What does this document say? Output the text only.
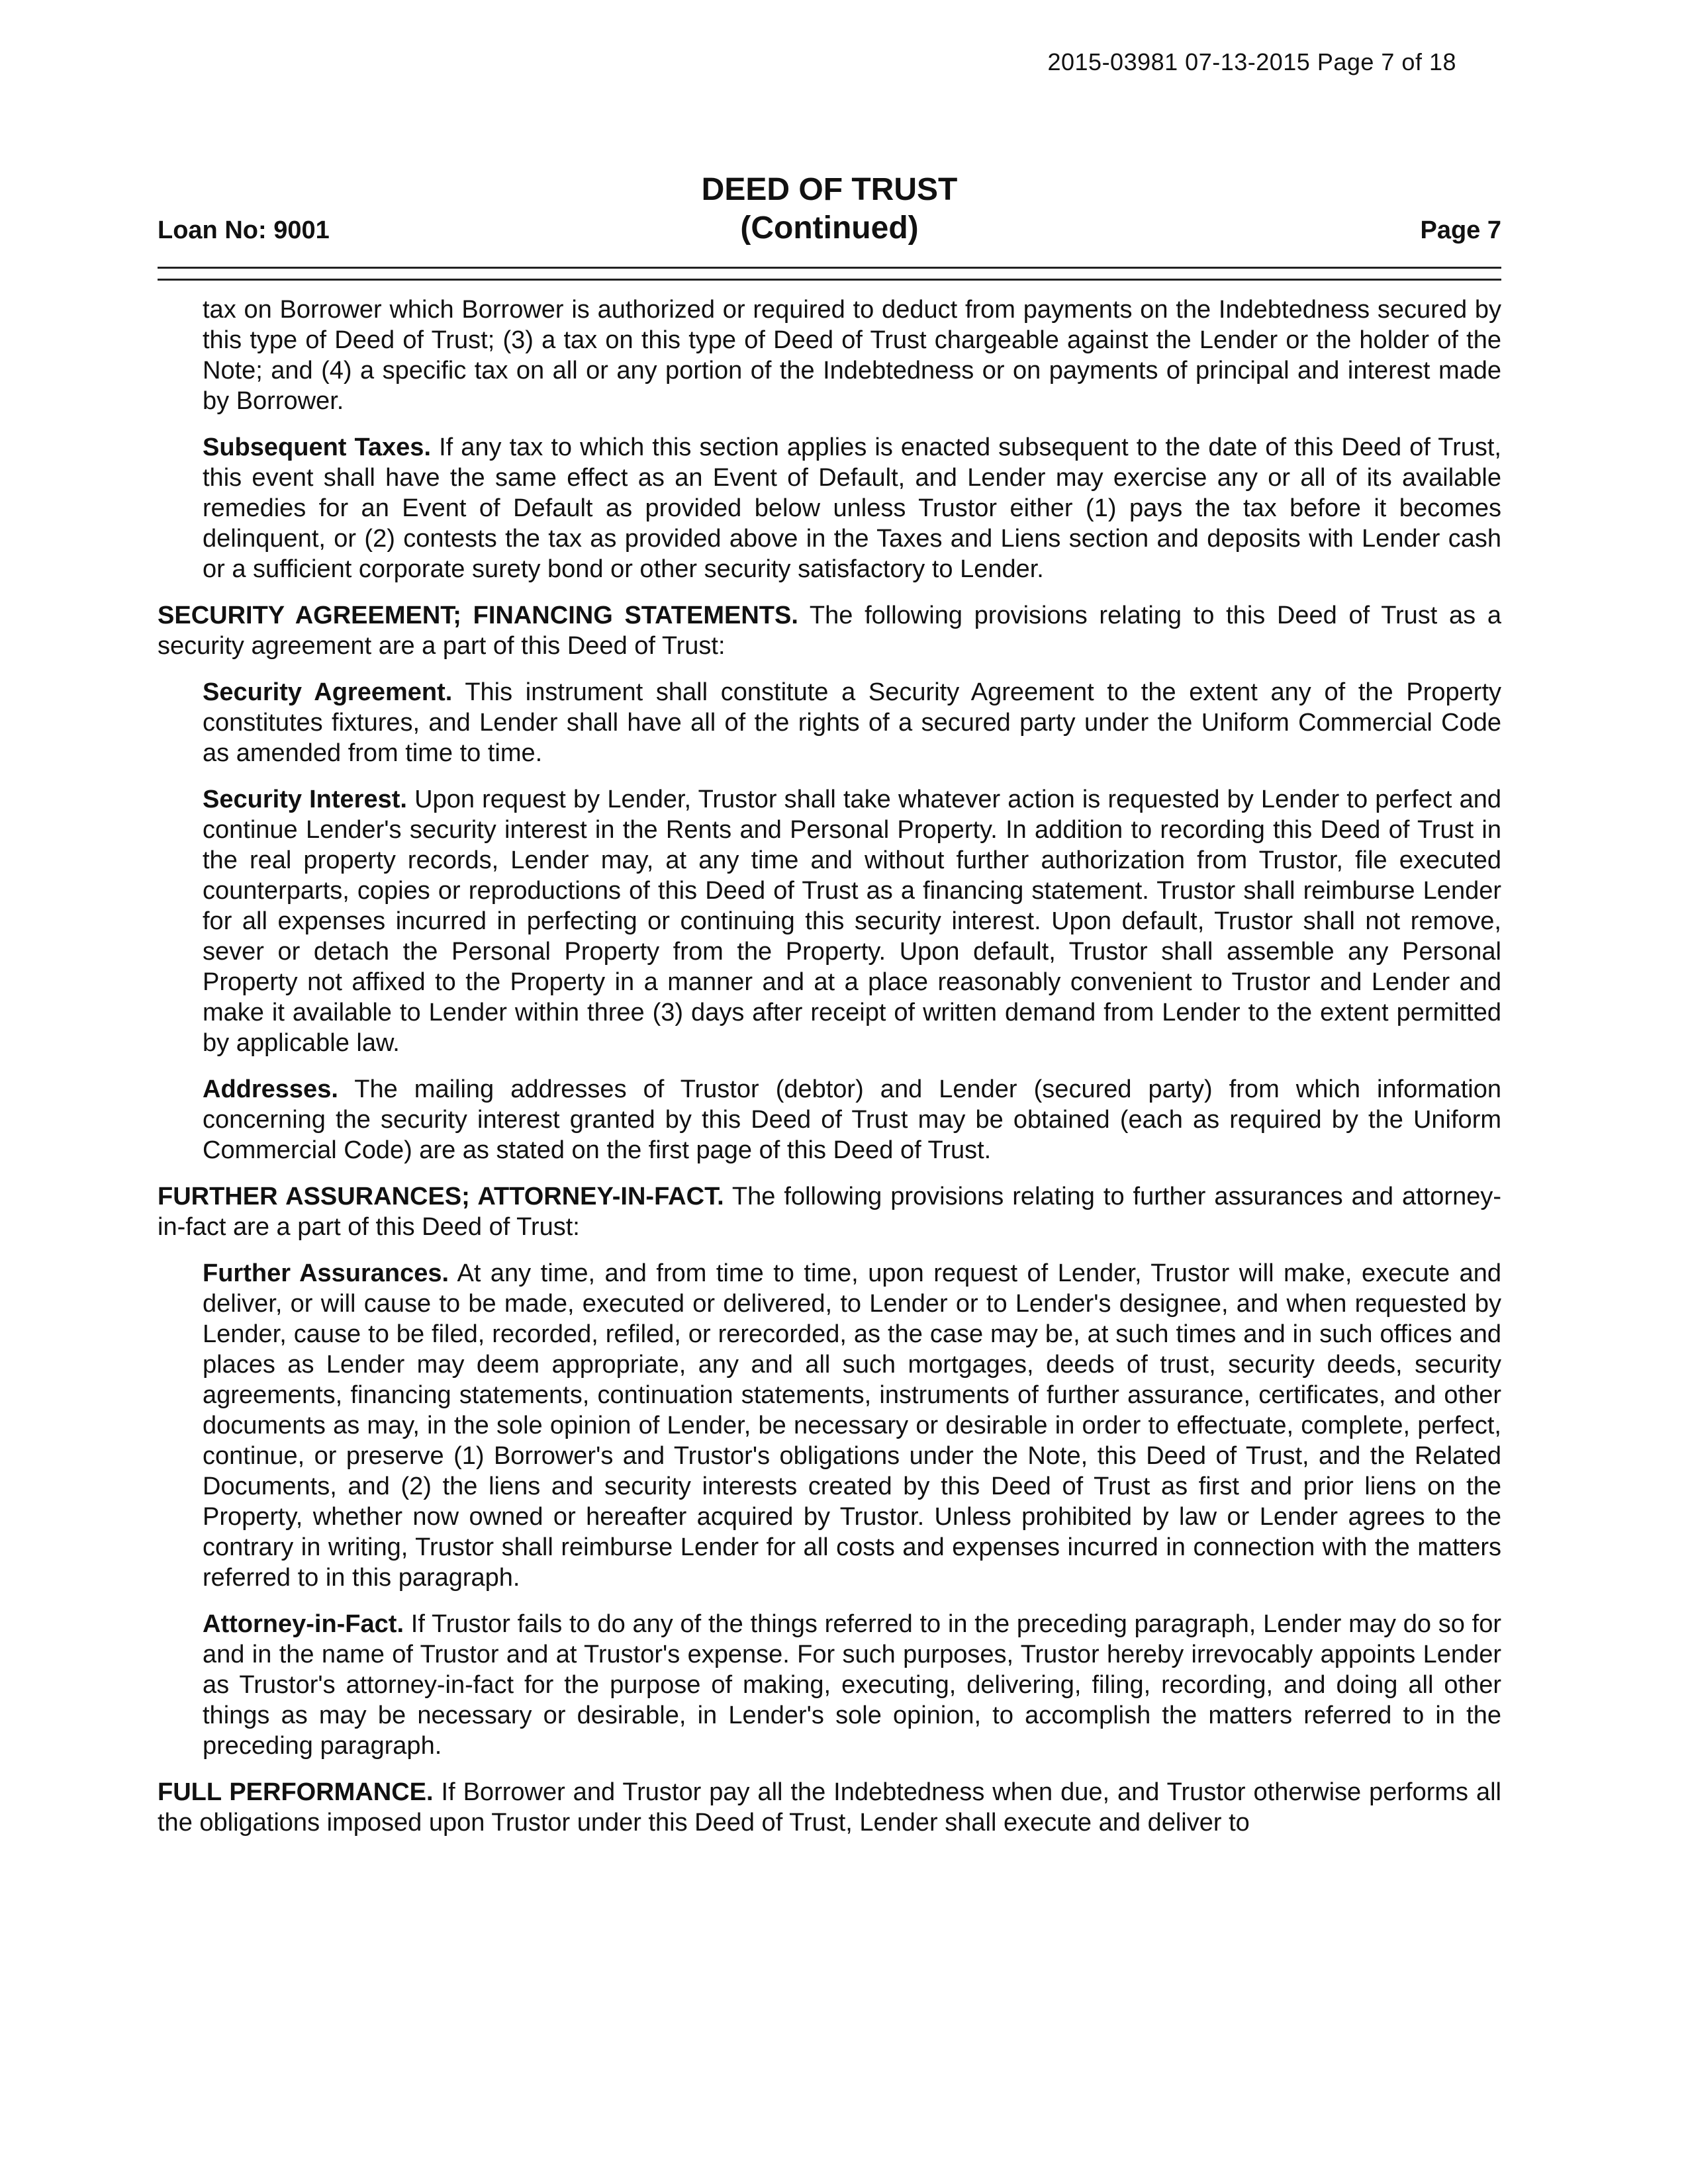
2015-03981 07-13-2015 Page 7 of 18
Loan No: 9001
DEED OF TRUST
(Continued)	Page 7

tax on Borrower which Borrower is authorized or required to deduct from payments on the Indebtedness secured by this type of Deed of Trust; (3) a tax on this type of Deed of Trust chargeable against the Lender or the holder of the Note; and (4) a specific tax on all or any portion of the Indebtedness or on payments of principal and interest made by Borrower.

Subsequent Taxes. If any tax to which this section applies is enacted subsequent to the date of this Deed of Trust, this event shall have the same effect as an Event of Default, and Lender may exercise any or all of its available remedies for an Event of Default as provided below unless Trustor either (1) pays the tax before it becomes delinquent, or (2) contests the tax as provided above in the Taxes and Liens section and deposits with Lender cash or a sufficient corporate surety bond or other security satisfactory to Lender.

SECURITY AGREEMENT; FINANCING STATEMENTS. The following provisions relating to this Deed of Trust as a security agreement are a part of this Deed of Trust:

Security Agreement. This instrument shall constitute a Security Agreement to the extent any of the Property constitutes fixtures, and Lender shall have all of the rights of a secured party under the Uniform Commercial Code as amended from time to time.

Security Interest. Upon request by Lender, Trustor shall take whatever action is requested by Lender to perfect and continue Lender's security interest in the Rents and Personal Property. In addition to recording this Deed of Trust in the real property records, Lender may, at any time and without further authorization from Trustor, file executed counterparts, copies or reproductions of this Deed of Trust as a financing statement. Trustor shall reimburse Lender for all expenses incurred in perfecting or continuing this security interest. Upon default, Trustor shall not remove, sever or detach the Personal Property from the Property. Upon default, Trustor shall assemble any Personal Property not affixed to the Property in a manner and at a place reasonably convenient to Trustor and Lender and make it available to Lender within three (3) days after receipt of written demand from Lender to the extent permitted by applicable law.

Addresses. The mailing addresses of Trustor (debtor) and Lender (secured party) from which information concerning the security interest granted by this Deed of Trust may be obtained (each as required by the Uniform Commercial Code) are as stated on the first page of this Deed of Trust.

FURTHER ASSURANCES; ATTORNEY-IN-FACT. The following provisions relating to further assurances and attorney-in-fact are a part of this Deed of Trust:

Further Assurances. At any time, and from time to time, upon request of Lender, Trustor will make, execute and deliver, or will cause to be made, executed or delivered, to Lender or to Lender's designee, and when requested by Lender, cause to be filed, recorded, refiled, or rerecorded, as the case may be, at such times and in such offices and places as Lender may deem appropriate, any and all such mortgages, deeds of trust, security deeds, security agreements, financing statements, continuation statements, instruments of further assurance, certificates, and other documents as may, in the sole opinion of Lender, be necessary or desirable in order to effectuate, complete, perfect, continue, or preserve (1) Borrower's and Trustor's obligations under the Note, this Deed of Trust, and the Related Documents, and (2) the liens and security interests created by this Deed of Trust as first and prior liens on the Property, whether now owned or hereafter acquired by Trustor. Unless prohibited by law or Lender agrees to the contrary in writing, Trustor shall reimburse Lender for all costs and expenses incurred in connection with the matters referred to in this paragraph.

Attorney-in-Fact. If Trustor fails to do any of the things referred to in the preceding paragraph, Lender may do so for and in the name of Trustor and at Trustor's expense. For such purposes, Trustor hereby irrevocably appoints Lender as Trustor's attorney-in-fact for the purpose of making, executing, delivering, filing, recording, and doing all other things as may be necessary or desirable, in Lender's sole opinion, to accomplish the matters referred to in the preceding paragraph.

FULL PERFORMANCE. If Borrower and Trustor pay all the Indebtedness when due, and Trustor otherwise performs all the obligations imposed upon Trustor under this Deed of Trust, Lender shall execute and deliver to
